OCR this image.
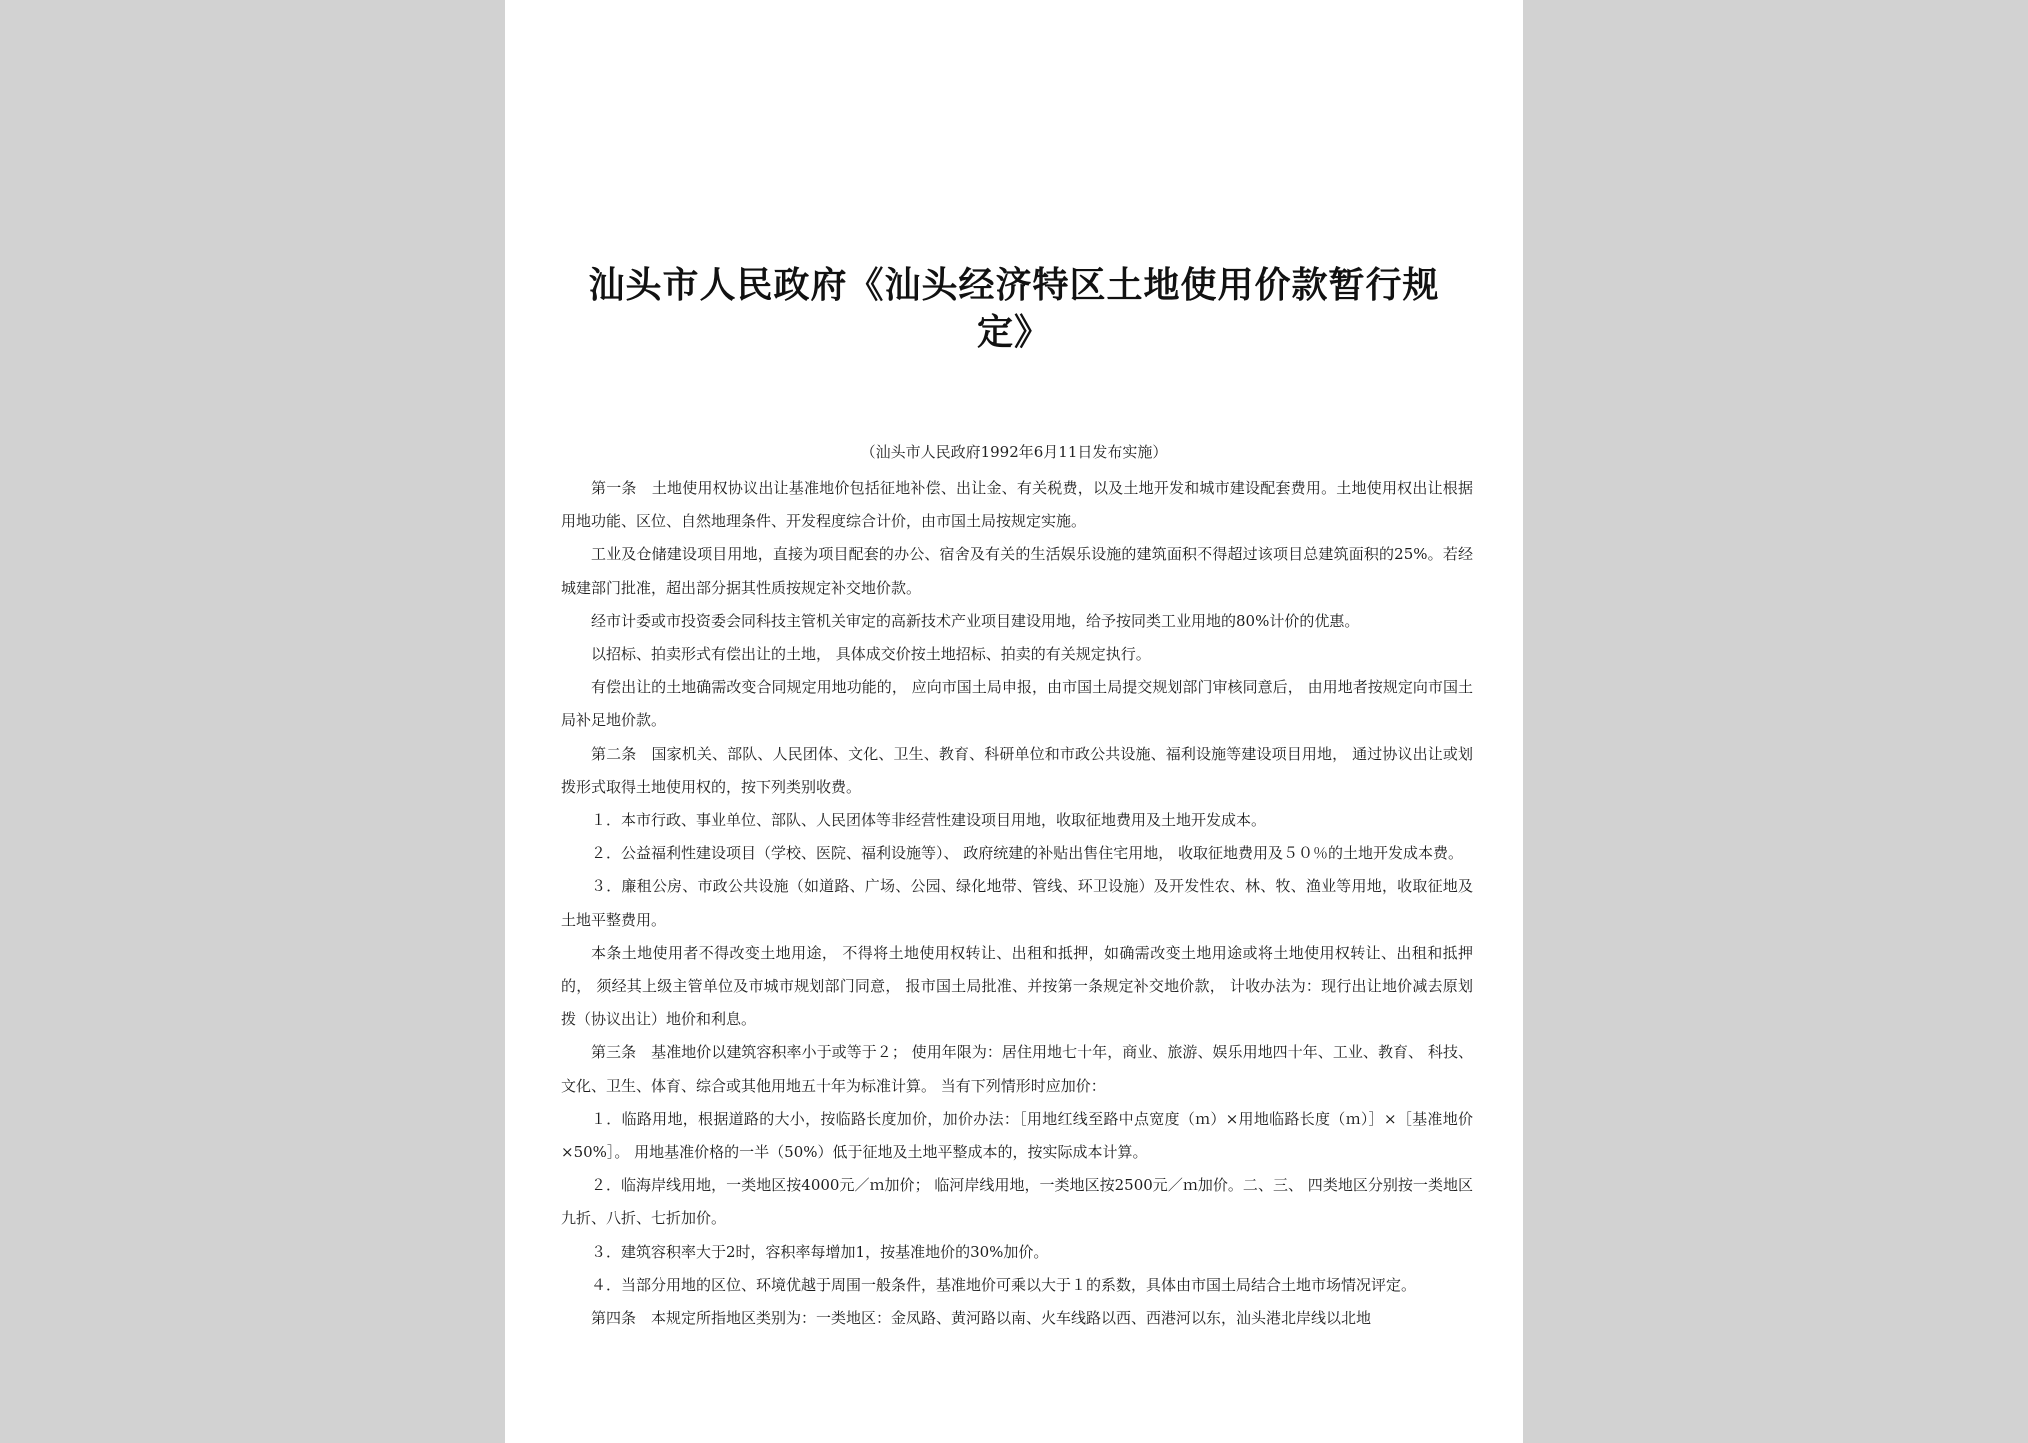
汕头市人民政府《汕头经济特区土地使用价款暂行规定》
（汕头市人民政府1992年6月11日发布实施）

第一条　土地使用权协议出让基准地价包括征地补偿、出让金、有关税费，以及土地开发和城市建设配套费用。土地使用权出让根据用地功能、区位、自然地理条件、开发程度综合计价，由市国土局按规定实施。

工业及仓储建设项目用地，直接为项目配套的办公、宿舍及有关的生活娱乐设施的建筑面积不得超过该项目总建筑面积的25%。若经城建部门批准，超出部分据其性质按规定补交地价款。

经市计委或市投资委会同科技主管机关审定的高新技术产业项目建设用地，给予按同类工业用地的80%计价的优惠。

以招标、拍卖形式有偿出让的土地， 具体成交价按土地招标、拍卖的有关规定执行。

有偿出让的土地确需改变合同规定用地功能的， 应向市国土局申报，由市国土局提交规划部门审核同意后， 由用地者按规定向市国土局补足地价款。

第二条　国家机关、部队、人民团体、文化、卫生、教育、科研单位和市政公共设施、福利设施等建设项目用地， 通过协议出让或划拨形式取得土地使用权的，按下列类别收费。

１．本市行政、事业单位、部队、人民团体等非经营性建设项目用地，收取征地费用及土地开发成本。

２．公益福利性建设项目（学校、医院、福利设施等）、 政府统建的补贴出售住宅用地， 收取征地费用及５０％的土地开发成本费。

３．廉租公房、市政公共设施（如道路、广场、公园、绿化地带、管线、环卫设施）及开发性农、林、牧、渔业等用地，收取征地及土地平整费用。

本条土地使用者不得改变土地用途， 不得将土地使用权转让、出租和抵押，如确需改变土地用途或将土地使用权转让、出租和抵押的， 须经其上级主管单位及市城市规划部门同意， 报市国土局批准、并按第一条规定补交地价款， 计收办法为：现行出让地价减去原划拨（协议出让）地价和利息。

第三条　基准地价以建筑容积率小于或等于２； 使用年限为：居住用地七十年，商业、旅游、娱乐用地四十年、工业、教育、 科技、文化、卫生、体育、综合或其他用地五十年为标准计算。 当有下列情形时应加价：

１．临路用地，根据道路的大小，按临路长度加价，加价办法：［用地红线至路中点宽度（ｍ）×用地临路长度（ｍ）］×［基准地价×50%］。 用地基准价格的一半（50%）低于征地及土地平整成本的，按实际成本计算。

２．临海岸线用地，一类地区按4000元／ｍ加价； 临河岸线用地，一类地区按2500元／ｍ加价。二、三、 四类地区分别按一类地区九折、八折、七折加价。

３．建筑容积率大于2时，容积率每增加1，按基准地价的30%加价。

４．当部分用地的区位、环境优越于周围一般条件，基准地价可乘以大于１的系数，具体由市国土局结合土地市场情况评定。

第四条　本规定所指地区类别为：一类地区：金凤路、黄河路以南、火车线路以西、西港河以东，汕头港北岸线以北地
